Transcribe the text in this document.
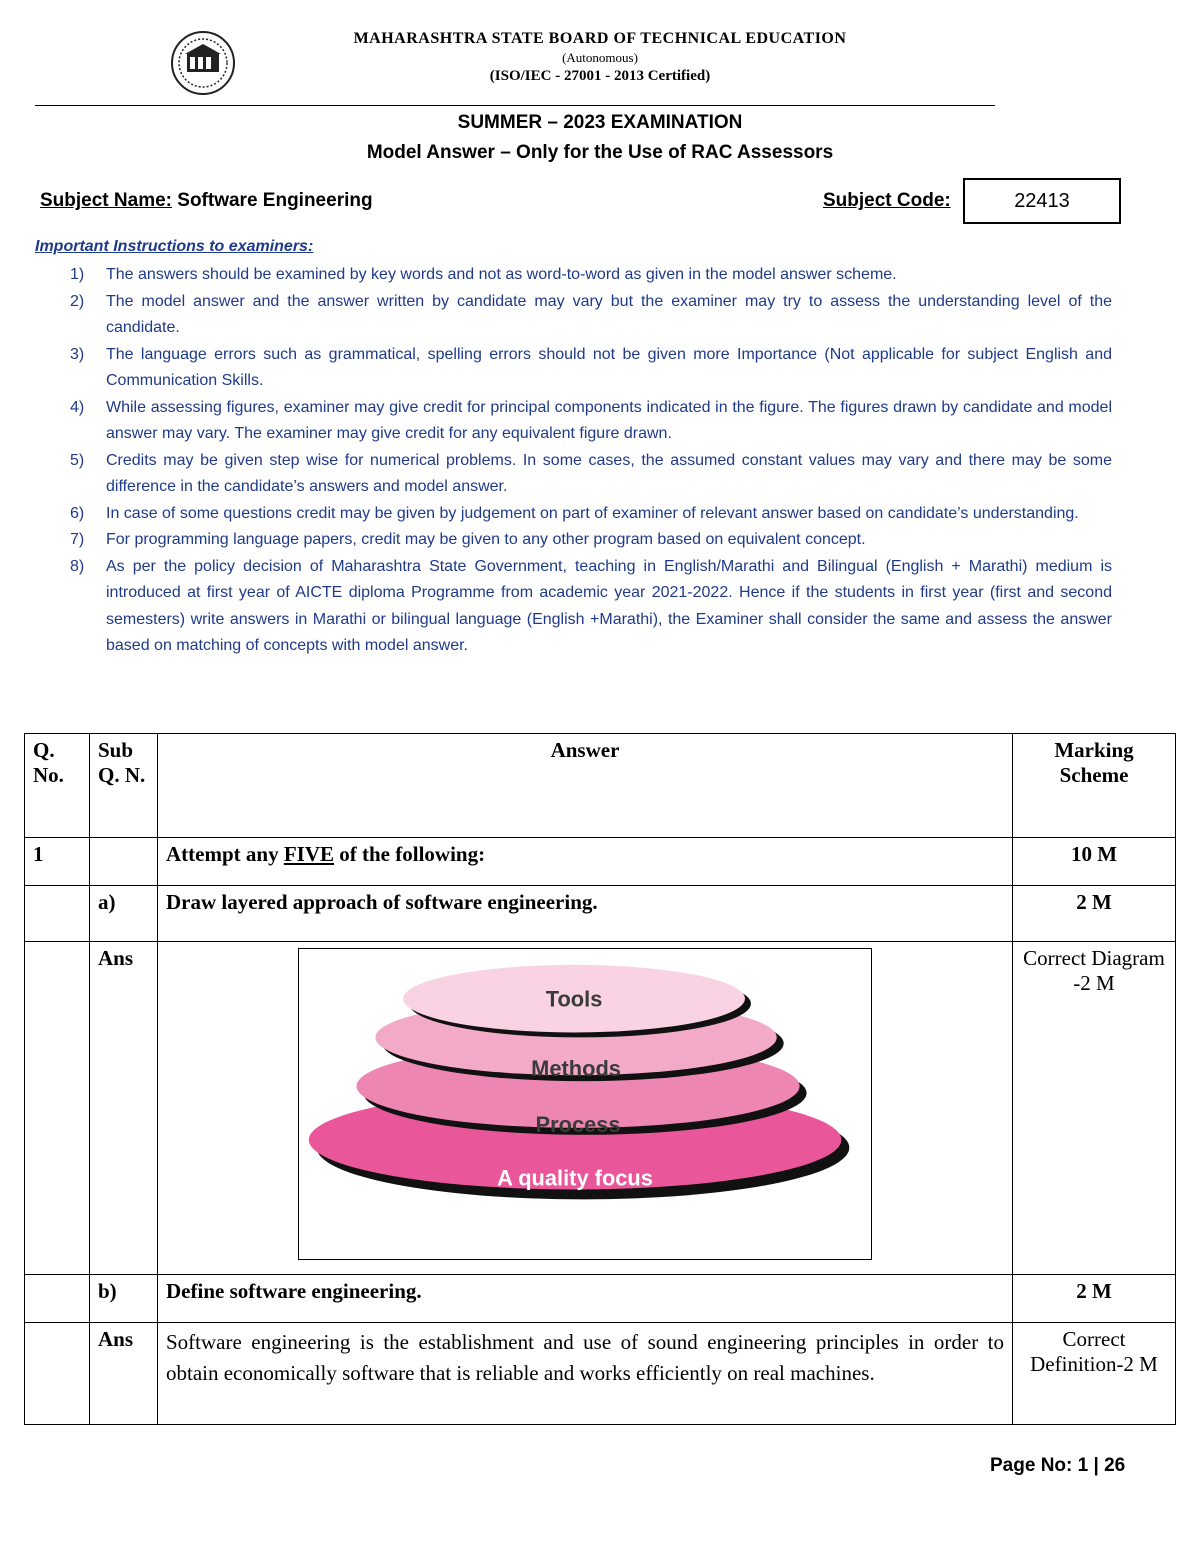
MAHARASHTRA STATE BOARD OF TECHNICAL EDUCATION
(Autonomous)
(ISO/IEC - 27001 - 2013 Certified)
SUMMER – 2023 EXAMINATION
Model Answer – Only for the Use of RAC Assessors
Subject Name: Software Engineering	Subject Code:	22413
Important Instructions to examiners:
1)	The answers should be examined by key words and not as word-to-word as given in the model answer scheme.
2)	The model answer and the answer written by candidate may vary but the examiner may try to assess the understanding level of the candidate.
3)	The language errors such as grammatical, spelling errors should not be given more Importance (Not applicable for subject English and Communication Skills.
4)	While assessing figures, examiner may give credit for principal components indicated in the figure. The figures drawn by candidate and model answer may vary. The examiner may give credit for any equivalent figure drawn.
5)	Credits may be given step wise for numerical problems. In some cases, the assumed constant values may vary and there may be some difference in the candidate’s answers and model answer.
6)	In case of some questions credit may be given by judgement on part of examiner of relevant answer based on candidate’s understanding.
7)	For programming language papers, credit may be given to any other program based on equivalent concept.
8)	As per the policy decision of Maharashtra State Government, teaching in English/Marathi and Bilingual (English + Marathi) medium is introduced at first year of AICTE diploma Programme from academic year 2021-2022. Hence if the students in first year (first and second semesters) write answers in Marathi or bilingual language (English +Marathi), the Examiner shall consider the same and assess the answer based on matching of concepts with model answer.
Q. No.	Sub Q. N.	Answer	Marking Scheme
1		Attempt any FIVE of the following:	10 M
	a)	Draw layered approach of software engineering.	2 M
	Ans	Tools
Methods
Process
A quality focus	Correct Diagram -2 M
	b)	Define software engineering.	2 M
	Ans	Software engineering is the establishment and use of sound engineering principles in order to obtain economically software that is reliable and works efficiently on real machines.	Correct Definition-2 M
Page No: 1 | 26
